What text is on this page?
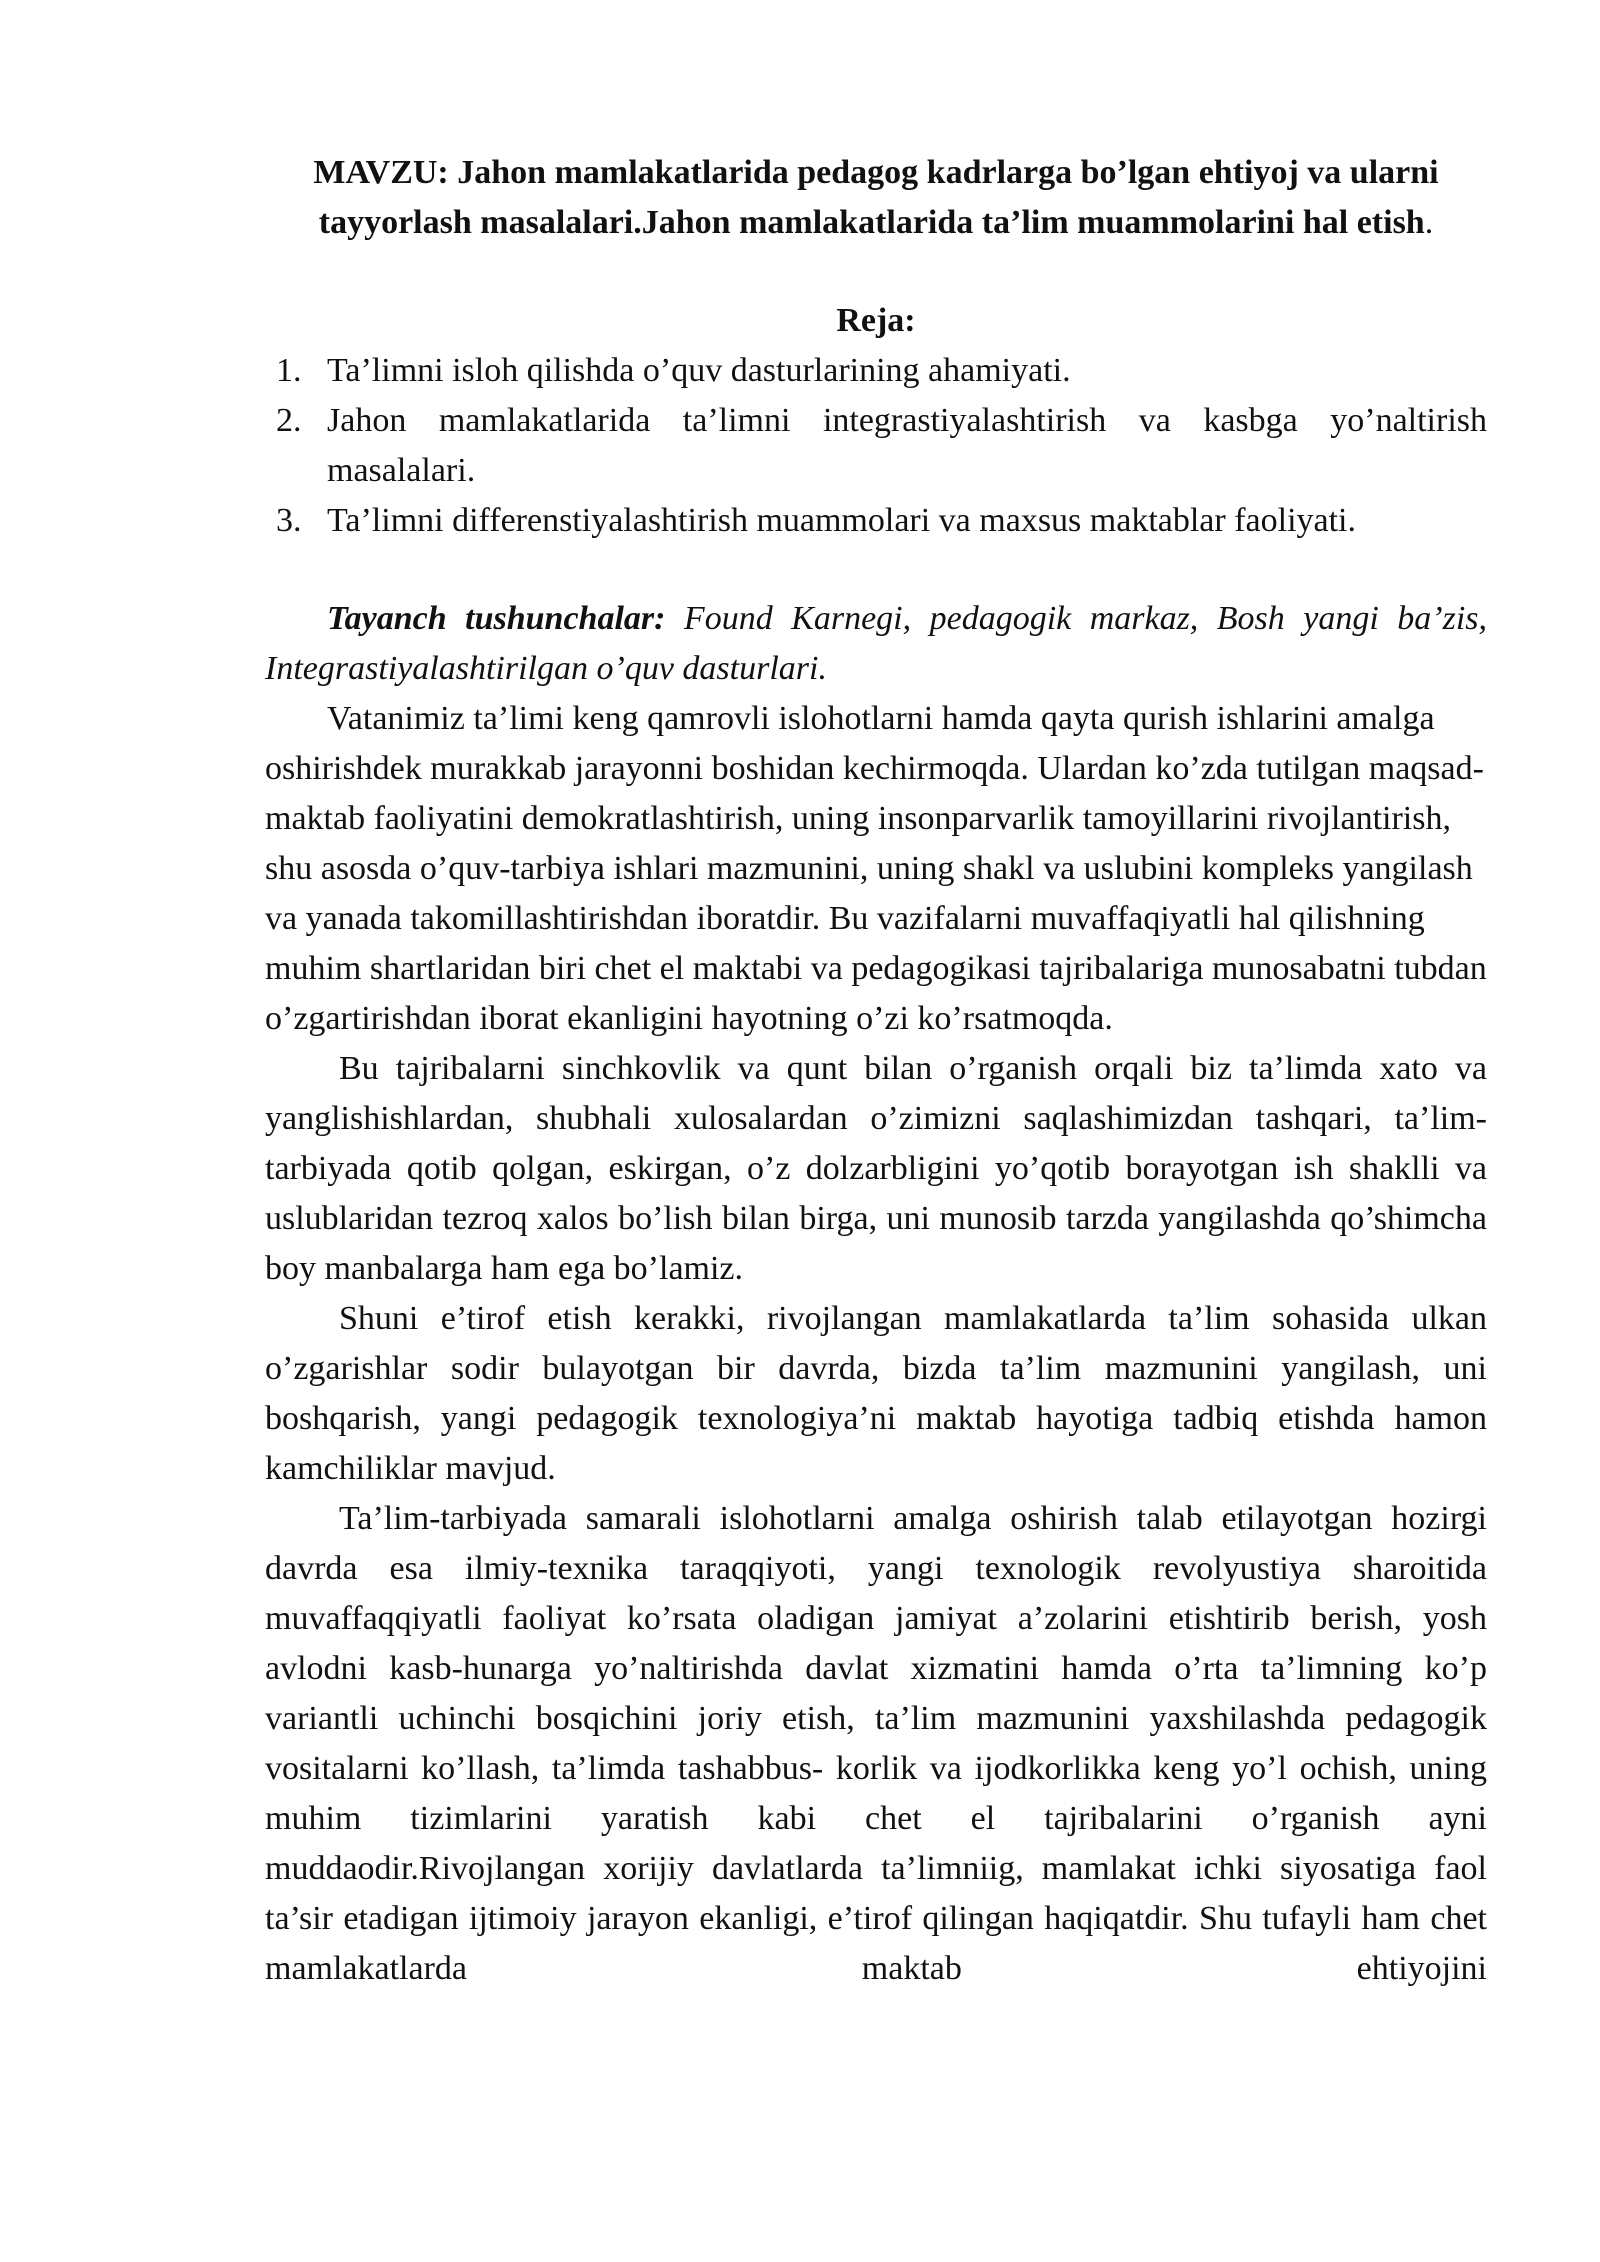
MAVZU: Jahon mamlakatlarida pedagog kadrlarga bo’lgan ehtiyoj va ularni tayyorlash masalalari.Jahon mamlakatlarida ta’lim muammolarini hal etish.

Reja:

1. Ta’limni isloh qilishda o’quv dasturlarining ahamiyati.
2. Jahon mamlakatlarida ta’limni integrastiyalashtirish va kasbga yo’naltirish masalalari.
3. Ta’limni differenstiyalashtirish muammolari va maxsus maktablar faoliyati.

Tayanch tushunchalar: Found Karnegi, pedagogik markaz, Bosh yangi ba’zis, Integrastiyalashtirilgan o’quv dasturlari.

Vatanimiz ta’limi keng qamrovli islohotlarni hamda qayta qurish ishlarini amalga oshirishdek murakkab jarayonni boshidan kechirmoqda. Ulardan ko’zda tutilgan maqsad- maktab faoliyatini demokratlashtirish, uning insonparvarlik tamoyillarini rivojlantirish, shu asosda o’quv-tarbiya ishlari mazmunini, uning shakl va uslubini kompleks yangilash va yanada takomillashtirishdan iboratdir. Bu vazifalarni muvaffaqiyatli hal qilishning muhim shartlaridan biri chet el maktabi va pedagogikasi tajribalariga munosabatni tubdan o’zgartirishdan iborat ekanligini hayotning o’zi ko’rsatmoqda.

Bu tajribalarni sinchkovlik va qunt bilan o’rganish orqali biz ta’limda xato va yanglishishlardan, shubhali xulosalardan o’zimizni saqlashimizdan tashqari, ta’lim-tarbiyada qotib qolgan, eskirgan, o’z dolzarbligini yo’qotib borayotgan ish shaklli va uslublaridan tezroq xalos bo’lish bilan birga, uni munosib tarzda yangilashda qo’shimcha boy manbalarga ham ega bo’lamiz.

Shuni e’tirof etish kerakki, rivojlangan mamlakatlarda ta’lim sohasida ulkan o’zgarishlar sodir bulayotgan bir davrda, bizda ta’lim mazmunini yangilash, uni boshqarish, yangi pedagogik texnologiya’ni maktab hayotiga tadbiq etishda hamon kamchiliklar mavjud.

Ta’lim-tarbiyada samarali islohotlarni amalga oshirish talab etilayotgan hozirgi davrda esa ilmiy-texnika taraqqiyoti, yangi texnologik revolyustiya sharoitida muvaffaqqiyatli faoliyat ko’rsata oladigan jamiyat a’zolarini etishtirib berish, yosh avlodni kasb-hunarga yo’naltirishda davlat xizmatini hamda o’rta ta’limning ko’p variantli uchinchi bosqichini joriy etish, ta’lim mazmunini yaxshilashda pedagogik vositalarni ko’llash, ta’limda tashabbus- korlik va ijodkorlikka keng yo’l ochish, uning muhim tizimlarini yaratish kabi chet el tajribalarini o’rganish ayni muddaodir.Rivojlangan xorijiy davlatlarda ta’limniig, mamlakat ichki siyosatiga faol ta’sir etadigan ijtimoiy jarayon ekanligi, e’tirof qilingan haqiqatdir. Shu tufayli ham chet mamlakatlarda maktab ehtiyojini
